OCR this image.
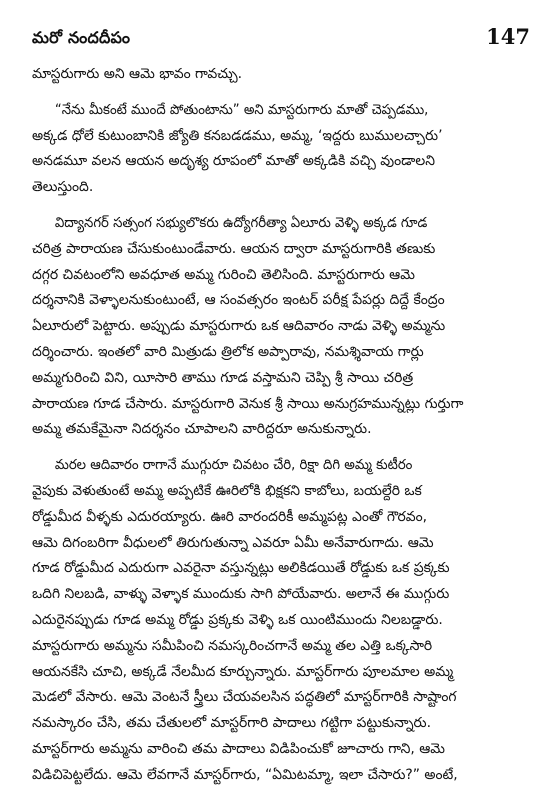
మరో నందదీపం	147
మాస్టరుగారు అని ఆమె భావం గావచ్చు.
“నేను మీకంటే ముందే పోతుంటాను” అని మాస్టరుగారు మాతో చెప్పడము,
అక్కడ ధోలే కుటుంబానికి జ్యోతి కనబడడము, అమ్మ, ‘ఇద్దరు బుములచ్చారు’
అనడమూ వలన ఆయన అదృశ్య రూపంలో మాతో అక్కడికి వచ్చి వుండాలని
తెలుస్తుంది.
విద్యానగర్ సత్సంగ సభ్యులొకరు ఉద్యోగరీత్యా ఏలూరు వెళ్ళి అక్కడ గూడ
చరిత్ర పారాయణ చేసుకుంటుండేవారు. ఆయన ద్వారా మాస్టరుగారికి తణుకు
దగ్గర చివటంలోని అవధూత అమ్మ గురించి తెలిసింది. మాస్టరుగారు ఆమె
దర్శనానికి వెళ్ళాలనుకుంటుంటే, ఆ సంవత్సరం ఇంటర్ పరీక్ష పేపర్లు దిద్దే కేంద్రం
ఏలూరులో పెట్టారు. అప్పుడు మాస్టరుగారు ఒక ఆదివారం నాడు వెళ్ళి అమ్మను
దర్శించారు. ఇంతలో వారి మిత్రుడు త్రిలోక అప్పారావు, నమశ్శివాయ గార్లు
అమ్మగురించి విని, యీసారి తాము గూడ వస్తామని చెప్పి శ్రీ సాయి చరిత్ర
పారాయణ గూడ చేసారు. మాస్టరుగారి వెనుక శ్రీ సాయి అనుగ్రహమున్నట్లు గుర్తుగా
అమ్మ తమకేమైనా నిదర్శనం చూపాలని వారిద్దరూ అనుకున్నారు.
మరల ఆదివారం రాగానే ముగ్గురూ చివటం చేరి, రిక్షా దిగి అమ్మ కుటీరం
వైపుకు వెళుతుంటే అమ్మ అప్పటికే ఊరిలోకి భిక్షకని కాబోలు, బయల్దేరి ఒక
రోడ్డుమీద వీళ్ళకు ఎదురయ్యారు. ఊరి వారందరికీ అమ్మపట్ల ఎంతో గౌరవం,
ఆమె దిగంబరిగా వీధులలో తిరుగుతున్నా ఎవరూ ఏమీ అనేవారుగాదు. ఆమె
గూడ రోడ్డుమీద ఎదురుగా ఎవరైనా వస్తున్నట్లు అలికిడయితే రోడ్డుకు ఒక ప్రక్కకు
ఒదిగి నిలబడి, వాళ్ళు వెళ్ళాక ముందుకు సాగి పోయేవారు. అలానే ఈ ముగ్గురు
ఎదురైనప్పుడు గూడ అమ్మ రోడ్డు ప్రక్కకు వెళ్ళి ఒక యింటిముందు నిలబడ్డారు.
మాస్టరుగారు అమ్మను సమీపించి నమస్కరించగానే అమ్మ తల ఎత్తి ఒక్కసారి
ఆయనకేసి చూచి, అక్కడే నేలమీద కూర్చున్నారు. మాస్టర్‌గారు పూలమాల అమ్మ
మెడలో వేసారు. ఆమె వెంటనే స్త్రీలు చేయవలసిన పద్ధతిలో మాస్టర్‌గారికి సాష్టాంగ
నమస్కారం చేసి, తమ చేతులలో మాస్టర్‌గారి పాదాలు గట్టిగా పట్టుకున్నారు.
మాస్టర్‌గారు అమ్మను వారించి తమ పాదాలు విడిపించుకో జూచారు గాని, ఆమె
విడిచిపెట్టలేదు. ఆమె లేవగానే మాస్టర్‌గారు, “ఏమిటమ్మా, ఇలా చేసారు?” అంటే,
